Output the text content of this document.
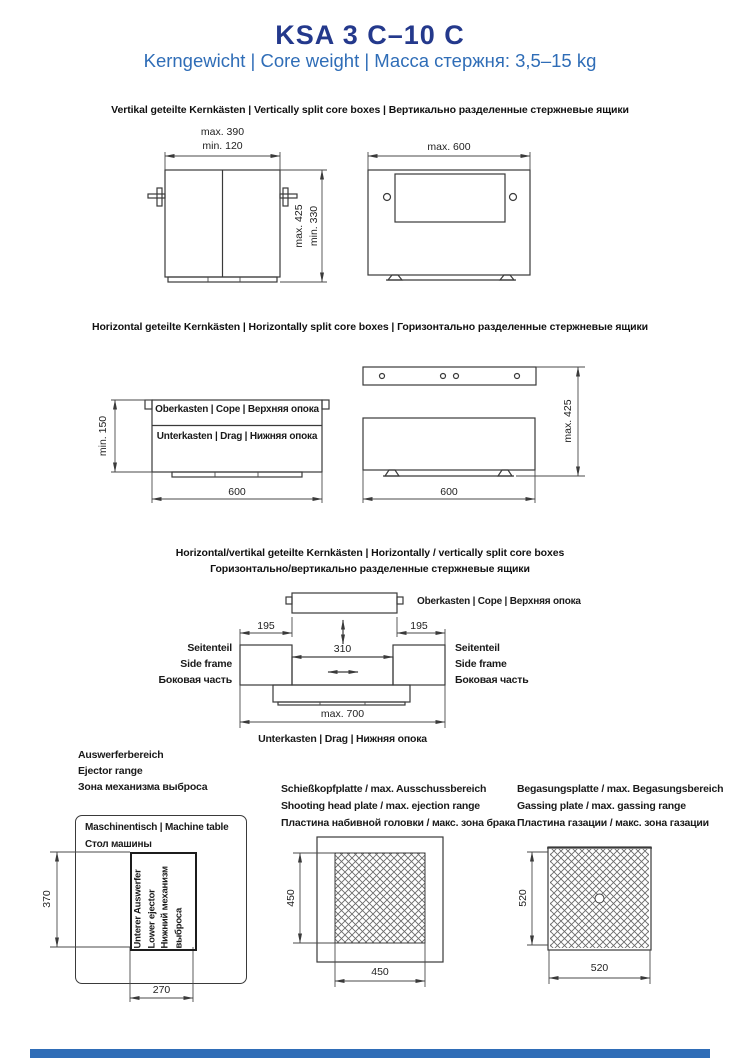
KSA 3 C–10 C
Kerngewicht | Core weight | Масса стержня: 3,5–15 kg
Vertikal geteilte Kernkästen | Vertically split core boxes | Вертикально разделенные стержневые ящики
max. 390
min. 120
max. 425 min. 330
max. 600
Horizontal geteilte Kernkästen | Horizontally split core boxes | Горизонтально разделенные стержневые ящики
Oberkasten | Cope | Верхняя опока
Unterkasten | Drag | Нижняя опока
min. 150
600
max. 425
600
Horizontal/vertikal geteilte Kernkästen | Horizontally / vertically split core boxes
Горизонтально/вертикально разделенные стержневые ящики
Oberkasten | Cope | Верхняя опока
195	195
310
Seitenteil
Side frame
Боковая часть
Seitenteil
Side frame
Боковая часть
max. 700
Unterkasten | Drag | Нижняя опока
Auswerferbereich
Ejector range
Зона механизма выброса
Maschinentisch | Machine table
Стол машины
Unterer Auswerfer Lower ejector Нижний механизм выброса
370
270
Schießkopfplatte / max. Ausschussbereich
Shooting head plate / max. ejection range
Пластина набивной головки / макс. зона брака
450
450
Begasungsplatte / max. Begasungsbereich
Gassing plate / max. gassing range
Пластина газации / макс. зона газации
520
520
